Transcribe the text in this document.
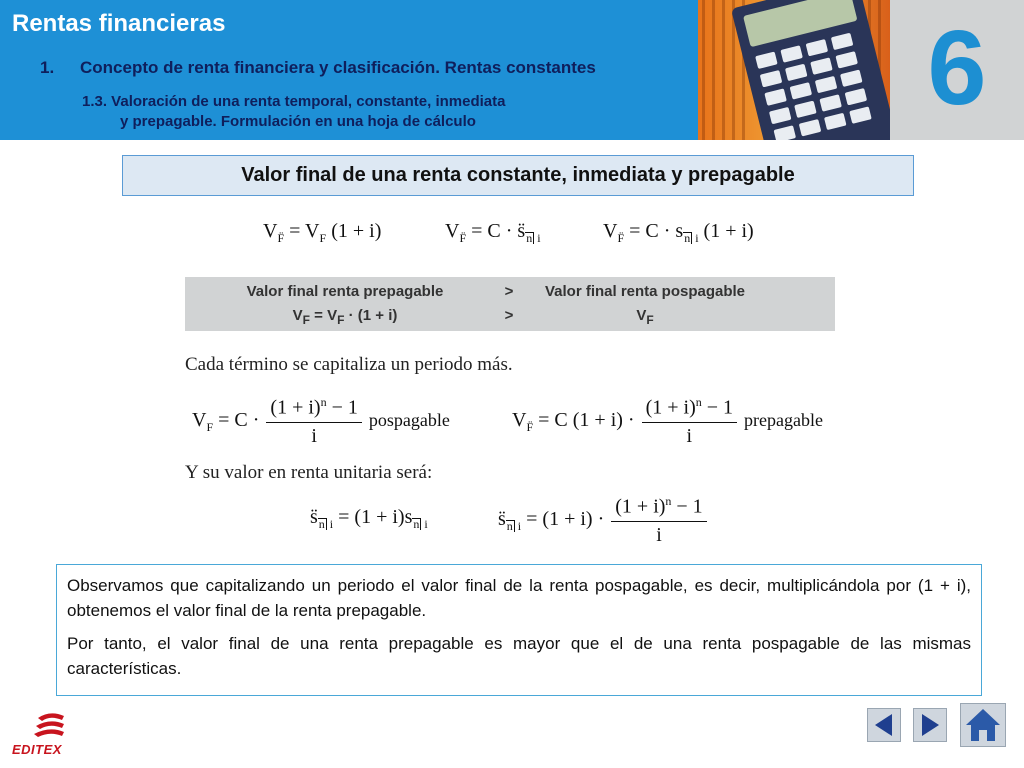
Rentas financieras
1. Concepto de renta financiera y clasificación. Rentas constantes
1.3. Valoración de una renta temporal, constante, inmediata
y prepagable. Formulación en una hoja de cálculo	6
Valor final de una renta constante, inmediata y prepagable
$V_{F̈} = V_F$ (1 + i)	$V_{F̈} = C$ · $s̈_{n i}$	$V_{F̈} = C \cdot s_{n i}$ (1 + i)
Valor final renta prepagable	>	Valor final renta pospagable
$V_F = V_F \cdot (1 + i)$	>	$V_F$
Cada término se capitaliza un periodo más.
$V_F = C \cdot \frac{(1 + i)^n - 1}{i}$ pospagable	$V_{F̈} = C$ $(1 + i) \cdot \frac{(1 + i)^n - 1}{i}$ prepagable
Y su valor en renta unitaria será:
$s̈_{n i} = (1 + i)s_{n i}$	$s̈_{n i} = (1 + i) \cdot \frac{(1 + i)^n - 1}{i}$

Observamos que capitalizando un periodo el valor final de la renta pospagable, es decir, multiplicándola por (1 + i), obtenemos el valor final de la renta prepagable.

Por tanto, el valor final de una renta prepagable es mayor que el de una renta pospagable de las mismas características.

EDITEX
